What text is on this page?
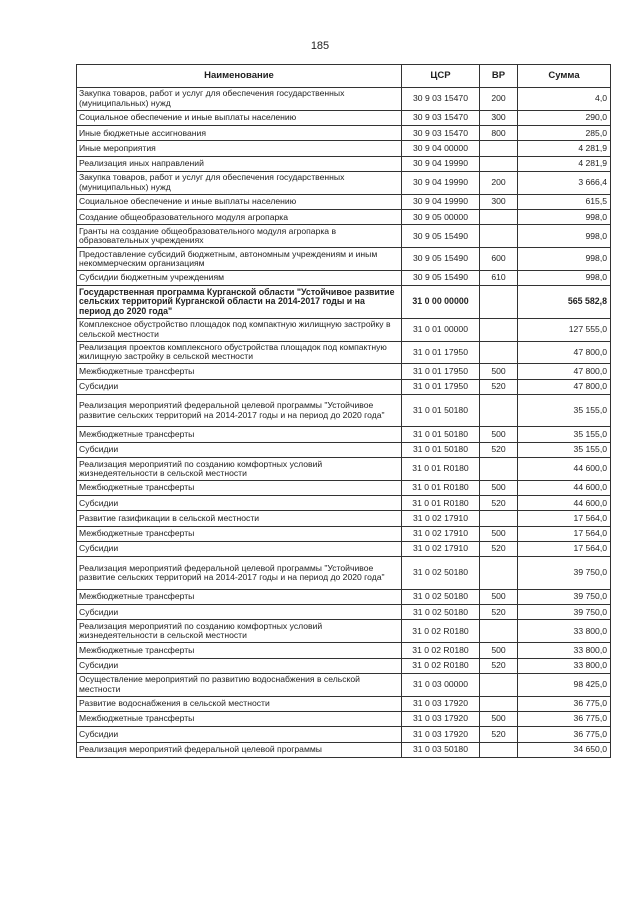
185
Наименование	ЦСР	ВР	Сумма
Закупка товаров, работ и услуг для обеспечения государственных (муниципальных) нужд	30 9 03 15470	200	4,0
Социальное обеспечение и иные выплаты населению	30 9 03 15470	300	290,0
Иные бюджетные ассигнования	30 9 03 15470	800	285,0
Иные мероприятия	30 9 04 00000		4 281,9
Реализация иных направлений	30 9 04 19990		4 281,9
Закупка товаров, работ и услуг для обеспечения государственных (муниципальных) нужд	30 9 04 19990	200	3 666,4
Социальное обеспечение и иные выплаты населению	30 9 04 19990	300	615,5
Создание общеобразовательного модуля агропарка	30 9 05 00000		998,0
Гранты на создание общеобразовательного модуля агропарка в образовательных учреждениях	30 9 05 15490		998,0
Предоставление субсидий бюджетным, автономным учреждениям и иным некоммерческим организациям	30 9 05 15490	600	998,0
Субсидии бюджетным учреждениям	30 9 05 15490	610	998,0
Государственная программа Курганской области "Устойчивое развитие сельских территорий Курганской области на 2014-2017 годы и на период до 2020 года"	31 0 00 00000		565 582,8
Комплексное обустройство площадок под компактную жилищную застройку в сельской местности	31 0 01 00000		127 555,0
Реализация проектов комплексного обустройства площадок под компактную жилищную застройку в сельской местности	31 0 01 17950		47 800,0
Межбюджетные трансферты	31 0 01 17950	500	47 800,0
Субсидии	31 0 01 17950	520	47 800,0
Реализация мероприятий федеральной целевой программы "Устойчивое развитие сельских территорий на 2014-2017 годы и на период до 2020 года"	31 0 01 50180		35 155,0
Межбюджетные трансферты	31 0 01 50180	500	35 155,0
Субсидии	31 0 01 50180	520	35 155,0
Реализация мероприятий по созданию комфортных условий жизнедеятельности в сельской местности	31 0 01 R0180		44 600,0
Межбюджетные трансферты	31 0 01 R0180	500	44 600,0
Субсидии	31 0 01 R0180	520	44 600,0
Развитие газификации в сельской местности	31 0 02 17910		17 564,0
Межбюджетные трансферты	31 0 02 17910	500	17 564,0
Субсидии	31 0 02 17910	520	17 564,0
Реализация мероприятий федеральной целевой программы "Устойчивое развитие сельских территорий на 2014-2017 годы и на период до 2020 года"	31 0 02 50180		39 750,0
Межбюджетные трансферты	31 0 02 50180	500	39 750,0
Субсидии	31 0 02 50180	520	39 750,0
Реализация мероприятий по созданию комфортных условий жизнедеятельности в сельской местности	31 0 02 R0180		33 800,0
Межбюджетные трансферты	31 0 02 R0180	500	33 800,0
Субсидии	31 0 02 R0180	520	33 800,0
Осуществление мероприятий по развитию водоснабжения в сельской местности	31 0 03 00000		98 425,0
Развитие водоснабжения в сельской местности	31 0 03 17920		36 775,0
Межбюджетные трансферты	31 0 03 17920	500	36 775,0
Субсидии	31 0 03 17920	520	36 775,0
Реализация мероприятий федеральной целевой программы	31 0 03 50180		34 650,0
